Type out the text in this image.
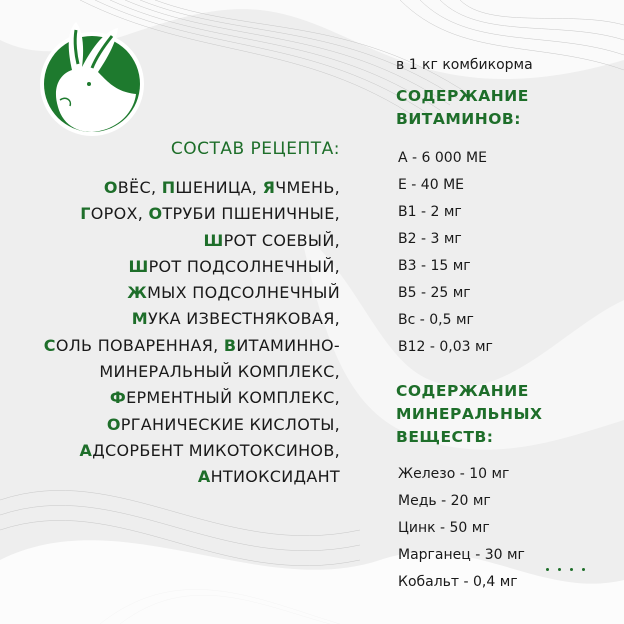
СОСТАВ РЕЦЕПТА:
ОВЁС, ПШЕНИЦА, ЯЧМЕНЬ,
ГОРОХ, ОТРУБИ ПШЕНИЧНЫЕ,
ШРОТ СОЕВЫЙ,
ШРОТ ПОДСОЛНЕЧНЫЙ,
ЖМЫХ ПОДСОЛНЕЧНЫЙ
МУКА ИЗВЕСТНЯКОВАЯ,
СОЛЬ ПОВАРЕННАЯ, ВИТАМИННО-
МИНЕРАЛЬНЫЙ КОМПЛЕКС,
ФЕРМЕНТНЫЙ КОМПЛЕКС,
ОРГАНИЧЕСКИЕ КИСЛОТЫ,
АДСОРБЕНТ МИКОТОКСИНОВ,
АНТИОКСИДАНТ
в 1 кг комбикорма
СОДЕРЖАНИЕ
ВИТАМИНОВ:
А - 6 000 МЕ
Е - 40 МЕ
В1 - 2 мг
В2 - 3 мг
В3 - 15 мг
В5 - 25 мг
Вс - 0,5 мг
В12 - 0,03 мг
СОДЕРЖАНИЕ
МИНЕРАЛЬНЫХ
ВЕЩЕСТВ:
Железо - 10 мг
Медь - 20 мг
Цинк - 50 мг
Марганец - 30 мг
Кобальт - 0,4 мг
